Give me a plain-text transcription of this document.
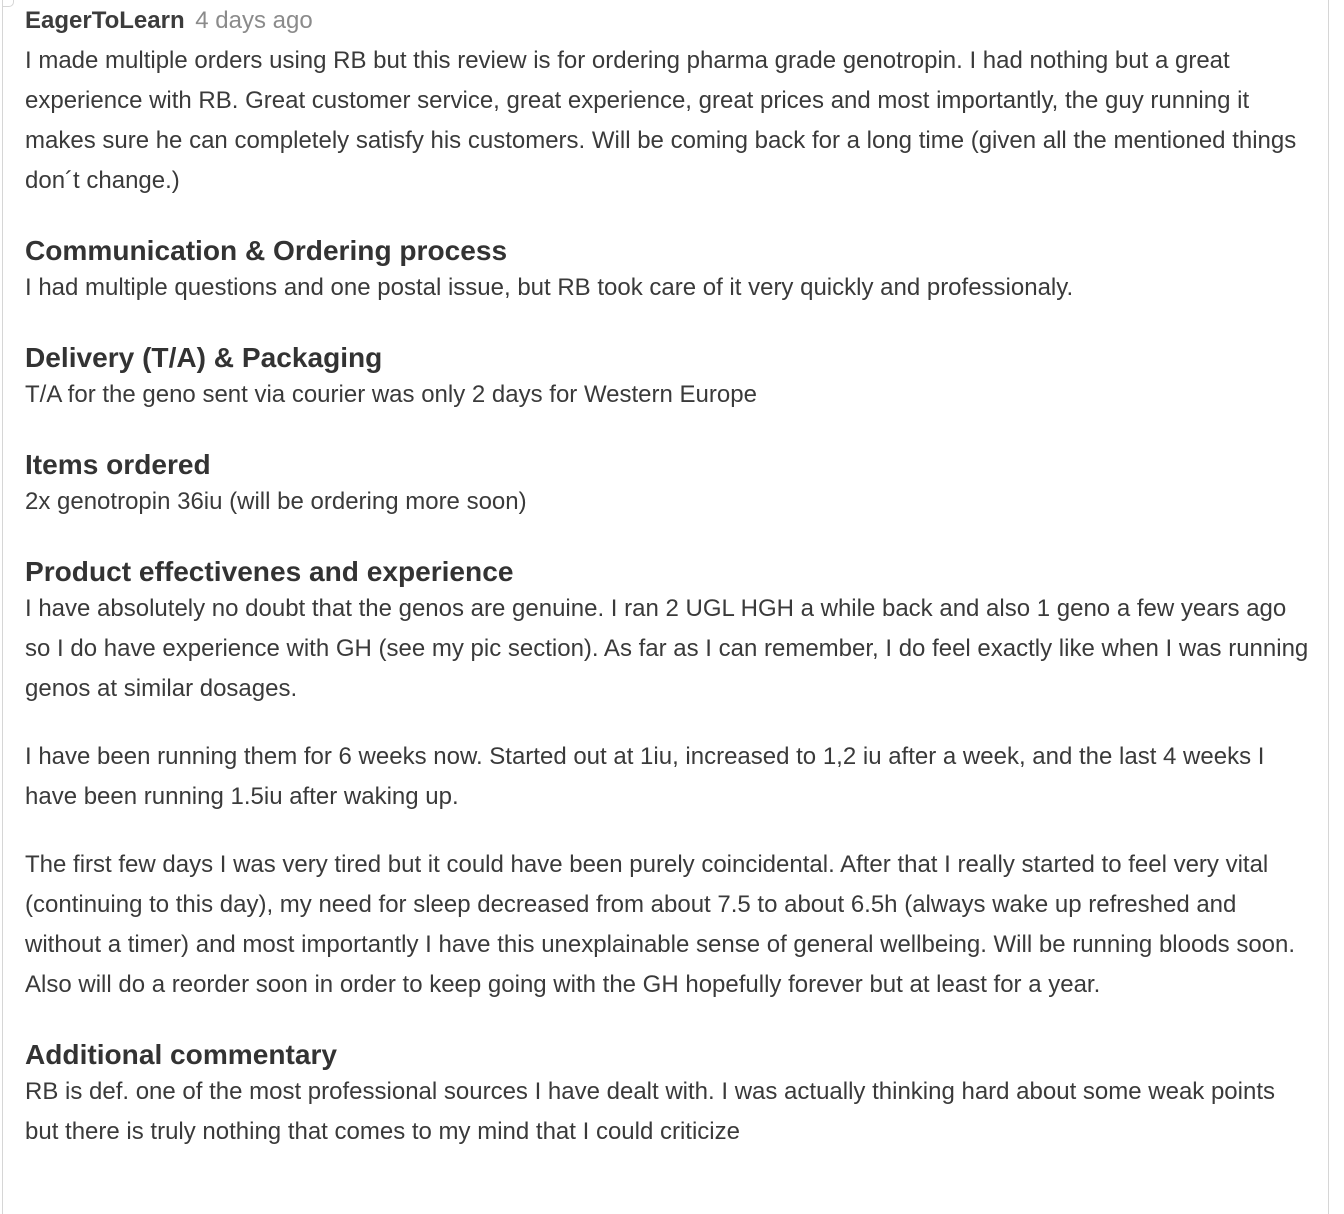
EagerToLearn 4 days ago

I made multiple orders using RB but this review is for ordering pharma grade genotropin. I had nothing but a great experience with RB. Great customer service, great experience, great prices and most importantly, the guy running it makes sure he can completely satisfy his customers. Will be coming back for a long time (given all the mentioned things don´t change.)

Communication & Ordering process

I had multiple questions and one postal issue, but RB took care of it very quickly and professionaly.

Delivery (T/A) & Packaging

T/A for the geno sent via courier was only 2 days for Western Europe

Items ordered

2x genotropin 36iu (will be ordering more soon)

Product effectivenes and experience

I have absolutely no doubt that the genos are genuine. I ran 2 UGL HGH a while back and also 1 geno a few years ago so I do have experience with GH (see my pic section). As far as I can remember, I do feel exactly like when I was running genos at similar dosages.

I have been running them for 6 weeks now. Started out at 1iu, increased to 1,2 iu after a week, and the last 4 weeks I have been running 1.5iu after waking up.

The first few days I was very tired but it could have been purely coincidental. After that I really started to feel very vital (continuing to this day), my need for sleep decreased from about 7.5 to about 6.5h (always wake up refreshed and without a timer) and most importantly I have this unexplainable sense of general wellbeing. Will be running bloods soon. Also will do a reorder soon in order to keep going with the GH hopefully forever but at least for a year.

Additional commentary

RB is def. one of the most professional sources I have dealt with. I was actually thinking hard about some weak points but there is truly nothing that comes to my mind that I could criticize
